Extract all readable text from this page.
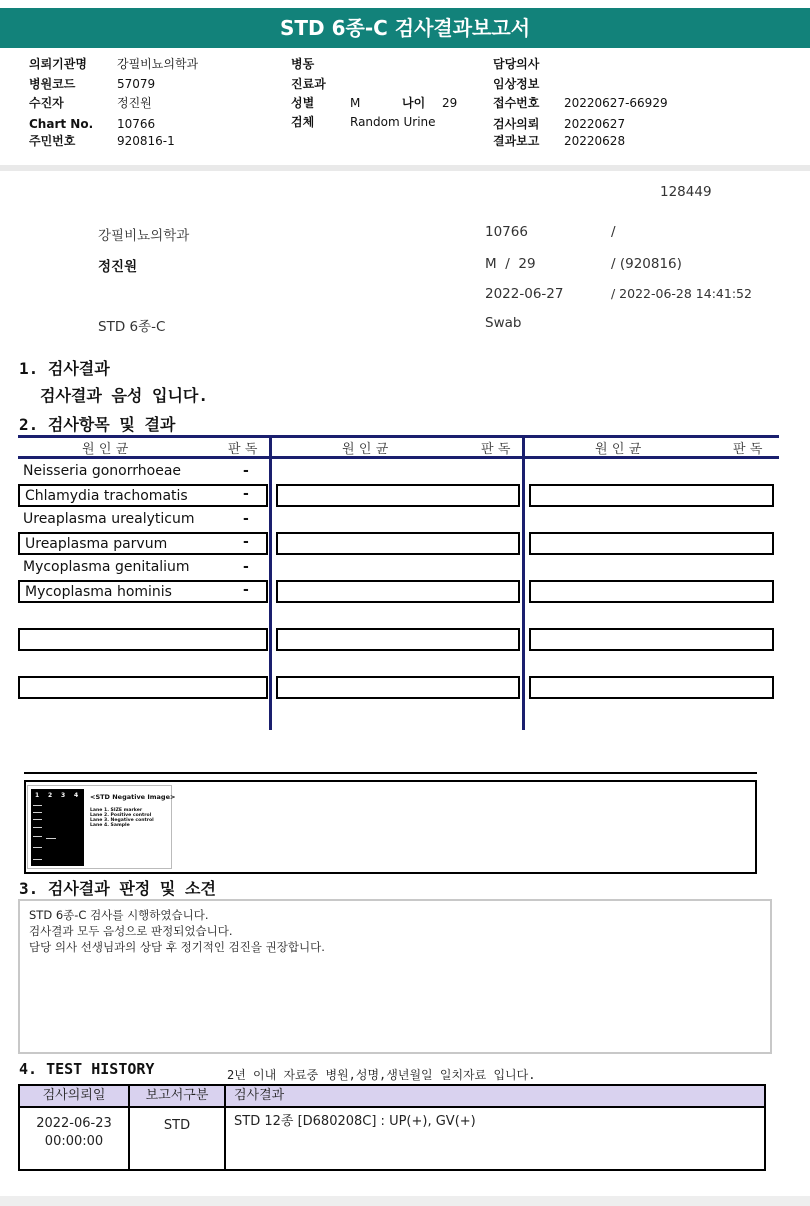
STD 6종-C 검사결과보고서
의뢰기관명	강필비뇨의학과
병원코드	57079
수진자	정진원
Chart No. 10766
주민번호	920816-1
병동
진료과
성별	M	나이 29
검체	Random Urine
담당의사
임상정보
접수번호 20220627-66929
검사의뢰 20220627
결과보고 20220628
128449
강필비뇨의학과	10766	/
정진원	M  /  29	/ (920816)
2022-06-27	/ 2022-06-28 14:41:52
STD 6종-C	Swab
1. 검사결과
검사결과 음성 입니다.
2. 검사항목 및 결과
원 인 균	판 독	원 인 균	판 독	원 인 균	판 독
Neisseria gonorrhoeae	-
Chlamydia trachomatis	-
Ureaplasma urealyticum	-
Ureaplasma parvum	-
Mycoplasma genitalium	-
Mycoplasma hominis	-
1 2 3 4 <STD Negative Image>
Lane 1. SIZE marker
Lane 2. Positive control
Lane 3. Negative control
Lane 4. Sample
3. 검사결과 판정 및 소견
STD 6종-C 검사를 시행하였습니다.
검사결과 모두 음성으로 판정되었습니다.
담당 의사 선생님과의 상담 후 정기적인 검진을 권장합니다.
4. TEST HISTORY	2년 이내 자료중 병원,성명,생년월일 일치자료 입니다.
검사의뢰일	보고서구분	검사결과
2022-06-23
00:00:00
STD	STD 12종 [D680208C] : UP(+), GV(+)
